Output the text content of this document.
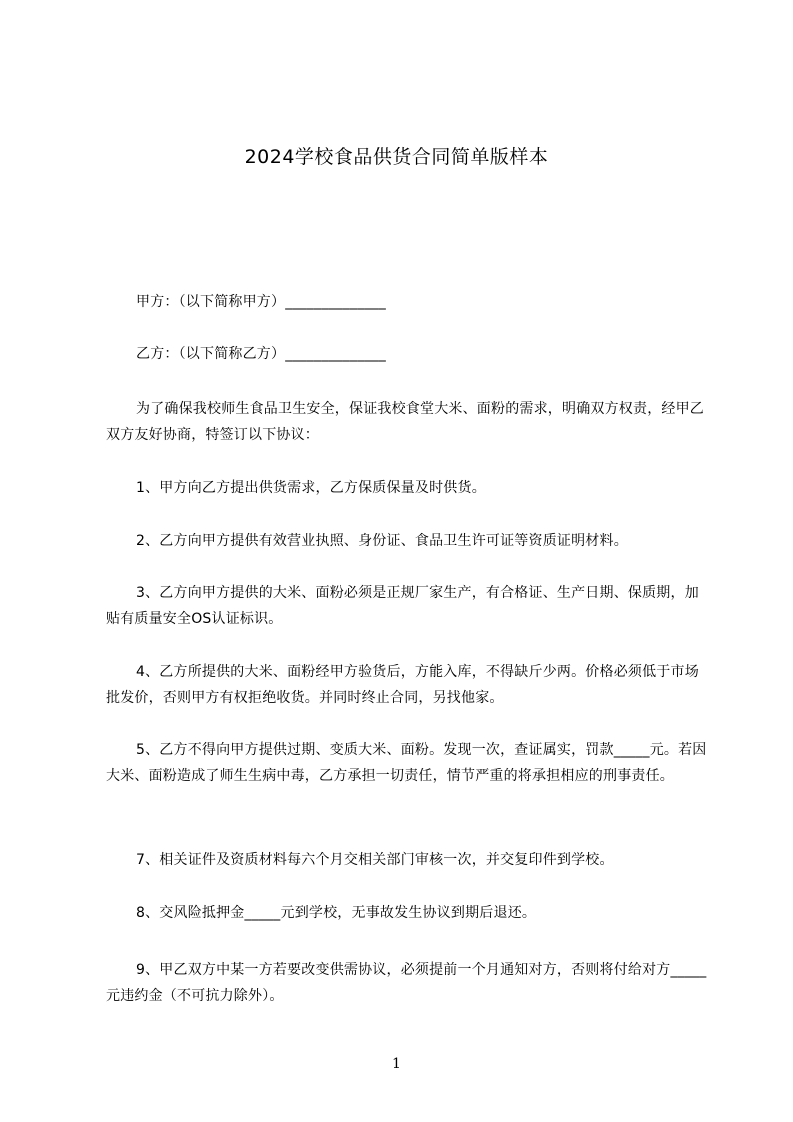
2024学校食品供货合同简单版样本
甲方：（以下简称甲方）______________
乙方：（以下简称乙方）______________
为了确保我校师生食品卫生安全，保证我校食堂大米、面粉的需求，明确双方权责，经甲乙双方友好协商，特签订以下协议：
1、甲方向乙方提出供货需求，乙方保质保量及时供货。
2、乙方向甲方提供有效营业执照、身份证、食品卫生许可证等资质证明材料。
3、乙方向甲方提供的大米、面粉必须是正规厂家生产，有合格证、生产日期、保质期，加贴有质量安全OS认证标识。
4、乙方所提供的大米、面粉经甲方验货后，方能入库，不得缺斤少两。价格必须低于市场批发价，否则甲方有权拒绝收货。并同时终止合同，另找他家。
5、乙方不得向甲方提供过期、变质大米、面粉。发现一次，查证属实，罚款_____元。若因大米、面粉造成了师生生病中毒，乙方承担一切责任，情节严重的将承担相应的刑事责任。
7、相关证件及资质材料每六个月交相关部门审核一次，并交复印件到学校。
8、交风险抵押金_____元到学校，无事故发生协议到期后退还。
9、甲乙双方中某一方若要改变供需协议，必须提前一个月通知对方，否则将付给对方_____元违约金（不可抗力除外）。
1
